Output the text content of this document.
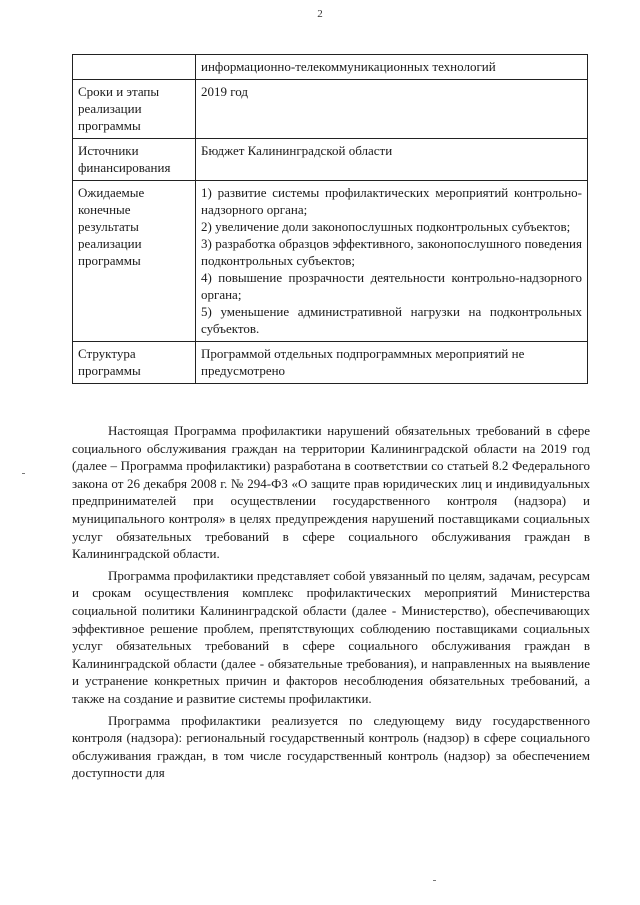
2

	информационно-телекоммуникационных технологий

Сроки и этапы реализации программы	2019 год

Источники финансирования	Бюджет Калининградской области

Ожидаемые конечные результаты реализации программы	1) развитие системы профилактических мероприятий контрольно-надзорного органа;
2) увеличение доли законопослушных подконтрольных субъектов;
3) разработка образцов эффективного, законопослушного поведения подконтрольных субъектов;
4) повышение прозрачности деятельности контрольно-надзорного органа;
5) уменьшение административной нагрузки на подконтрольных субъектов.

Структура программы	Программой отдельных подпрограммных мероприятий не предусмотрено

Настоящая Программа профилактики нарушений обязательных требований в сфере социального обслуживания граждан на территории Калининградской области на 2019 год (далее – Программа профилактики) разработана в соответствии со статьей 8.2 Федерального закона от 26 декабря 2008 г. № 294-ФЗ «О защите прав юридических лиц и индивидуальных предпринимателей при осуществлении государственного контроля (надзора) и муниципального контроля» в целях предупреждения нарушений поставщиками социальных услуг обязательных требований в сфере социального обслуживания граждан в Калининградской области.

Программа профилактики представляет собой увязанный по целям, задачам, ресурсам и срокам осуществления комплекс профилактических мероприятий Министерства социальной политики Калининградской области (далее - Министерство), обеспечивающих эффективное решение проблем, препятствующих соблюдению поставщиками социальных услуг обязательных требований в сфере социального обслуживания граждан в Калининградской области (далее - обязательные требования), и направленных на выявление и устранение конкретных причин и факторов несоблюдения обязательных требований, а также на создание и развитие системы профилактики.

Программа профилактики реализуется по следующему виду государственного контроля (надзора): региональный государственный контроль (надзор) в сфере социального обслуживания граждан, в том числе государственный контроль (надзор) за обеспечением доступности для
